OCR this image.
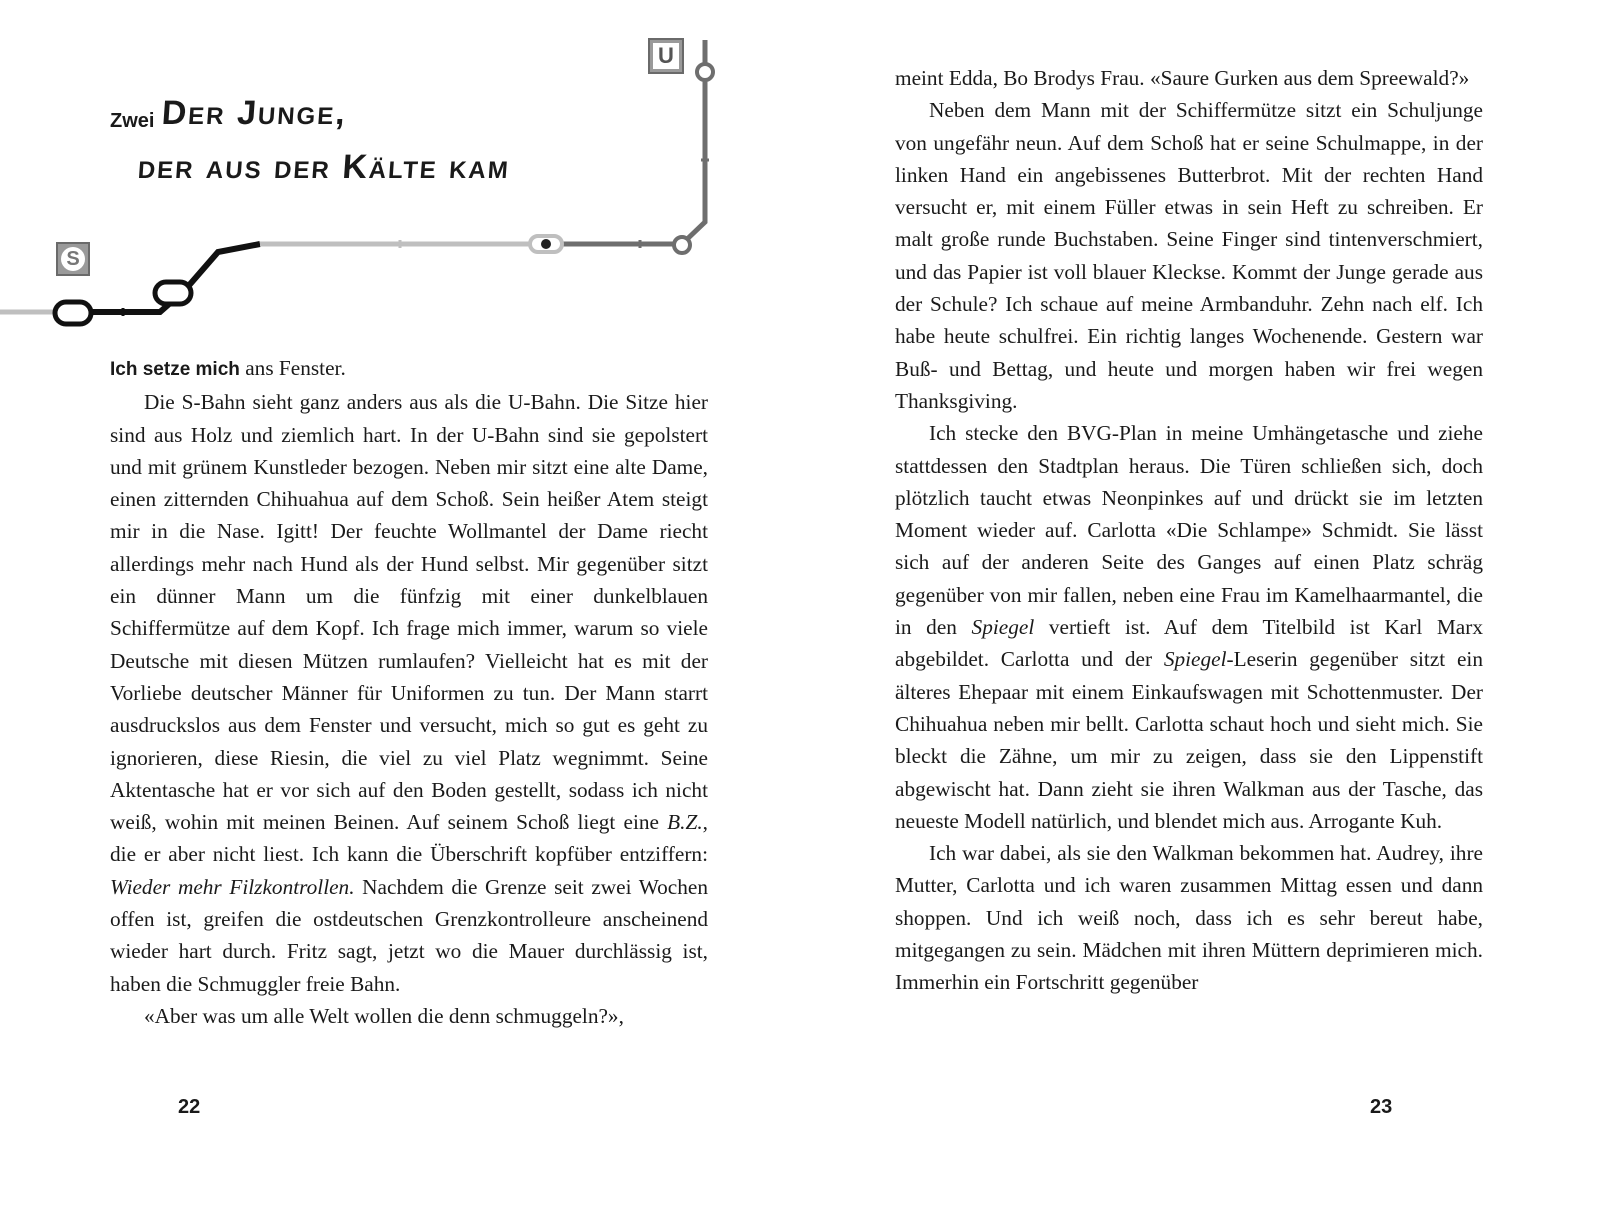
S
U
Zwei Der Junge,
der aus der Kälte kam

Ich setze mich ans Fenster.

Die S-Bahn sieht ganz anders aus als die U-Bahn. Die Sitze hier sind aus Holz und ziemlich hart. In der U-Bahn sind sie gepolstert und mit grünem Kunstleder bezogen. Neben mir sitzt eine alte Dame, einen zitternden Chihuahua auf dem Schoß. Sein heißer Atem steigt mir in die Nase. Igitt! Der feuchte Wollmantel der Dame riecht allerdings mehr nach Hund als der Hund selbst. Mir gegenüber sitzt ein dünner Mann um die fünfzig mit einer dunkelblauen Schiffermütze auf dem Kopf. Ich frage mich immer, warum so viele Deutsche mit diesen Mützen rumlaufen? Vielleicht hat es mit der Vorliebe deutscher Männer für Uniformen zu tun. Der Mann starrt ausdruckslos aus dem Fenster und versucht, mich so gut es geht zu ignorieren, diese Riesin, die viel zu viel Platz wegnimmt. Seine Aktentasche hat er vor sich auf den Boden gestellt, sodass ich nicht weiß, wohin mit meinen Beinen. Auf seinem Schoß liegt eine B.Z., die er aber nicht liest. Ich kann die Überschrift kopfüber entziffern: Wieder mehr Filzkontrollen. Nachdem die Grenze seit zwei Wochen offen ist, greifen die ostdeutschen Grenzkontrolleure anscheinend wieder hart durch. Fritz sagt, jetzt wo die Mauer durchlässig ist, haben die Schmuggler freie Bahn.

«Aber was um alle Welt wollen die denn schmuggeln?»,

22

meint Edda, Bo Brodys Frau. «Saure Gurken aus dem Spreewald?»

Neben dem Mann mit der Schiffermütze sitzt ein Schuljunge von ungefähr neun. Auf dem Schoß hat er seine Schulmappe, in der linken Hand ein angebissenes Butterbrot. Mit der rechten Hand versucht er, mit einem Füller etwas in sein Heft zu schreiben. Er malt große runde Buchstaben. Seine Finger sind tintenverschmiert, und das Papier ist voll blauer Kleckse. Kommt der Junge gerade aus der Schule? Ich schaue auf meine Armbanduhr. Zehn nach elf. Ich habe heute schulfrei. Ein richtig langes Wochenende. Gestern war Buß- und Bettag, und heute und morgen haben wir frei wegen Thanksgiving.

Ich stecke den BVG-Plan in meine Umhängetasche und ziehe stattdessen den Stadtplan heraus. Die Türen schließen sich, doch plötzlich taucht etwas Neonpinkes auf und drückt sie im letzten Moment wieder auf. Carlotta «Die Schlampe» Schmidt. Sie lässt sich auf der anderen Seite des Ganges auf einen Platz schräg gegenüber von mir fallen, neben eine Frau im Kamelhaarmantel, die in den Spiegel vertieft ist. Auf dem Titelbild ist Karl Marx abgebildet. Carlotta und der Spiegel-Leserin gegenüber sitzt ein älteres Ehepaar mit einem Einkaufswagen mit Schottenmuster. Der Chihuahua neben mir bellt. Carlotta schaut hoch und sieht mich. Sie bleckt die Zähne, um mir zu zeigen, dass sie den Lippenstift abgewischt hat. Dann zieht sie ihren Walkman aus der Tasche, das neueste Modell natürlich, und blendet mich aus. Arrogante Kuh.

Ich war dabei, als sie den Walkman bekommen hat. Audrey, ihre Mutter, Carlotta und ich waren zusammen Mittag essen und dann shoppen. Und ich weiß noch, dass ich es sehr bereut habe, mitgegangen zu sein. Mädchen mit ihren Müttern deprimieren mich. Immerhin ein Fortschritt gegenüber

23
